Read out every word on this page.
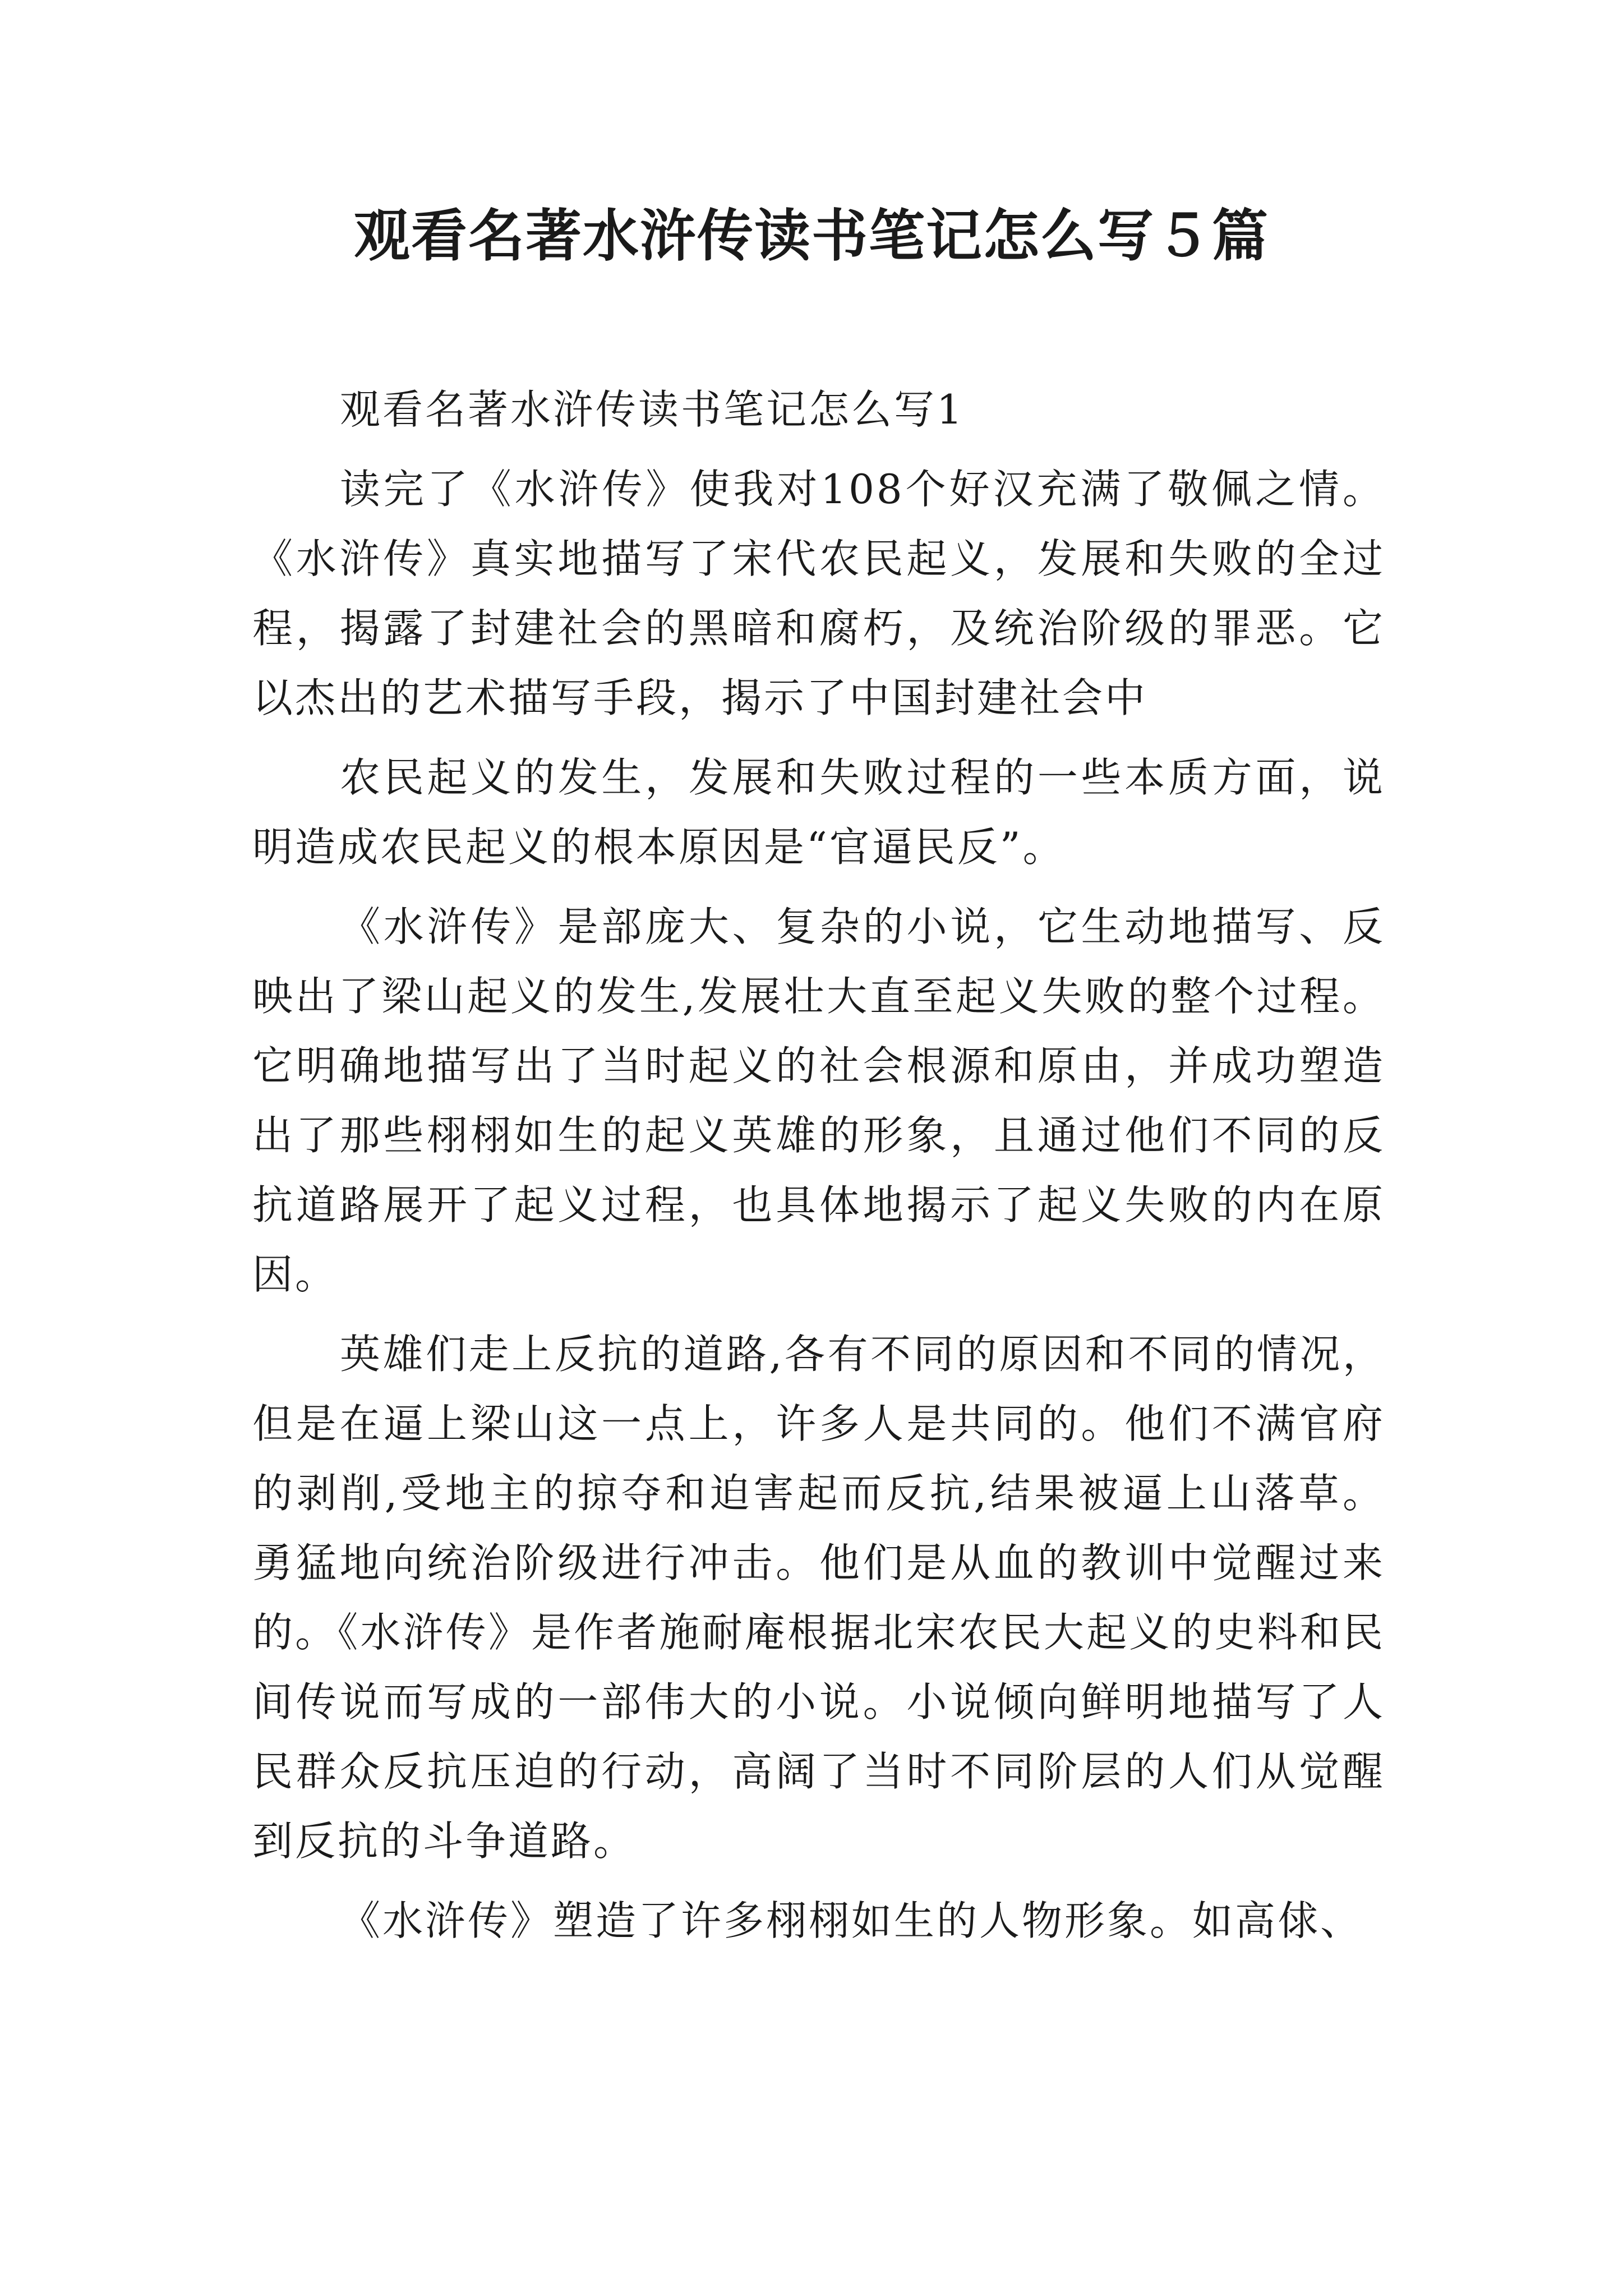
观看名著水浒传读书笔记怎么写５篇

观看名著水浒传读书笔记怎么写1

读完了《水浒传》使我对108个好汉充满了敬佩之情。《水浒传》真实地描写了宋代农民起义，发展和失败的全过程，揭露了封建社会的黑暗和腐朽，及统治阶级的罪恶。它以杰出的艺术描写手段，揭示了中国封建社会中

农民起义的发生，发展和失败过程的一些本质方面，说明造成农民起义的根本原因是“官逼民反”。

《水浒传》是部庞大、复杂的小说，它生动地描写、反映出了梁山起义的发生,发展壮大直至起义失败的整个过程。它明确地描写出了当时起义的社会根源和原由，并成功塑造出了那些栩栩如生的起义英雄的形象，且通过他们不同的反抗道路展开了起义过程，也具体地揭示了起义失败的内在原因。

英雄们走上反抗的道路,各有不同的原因和不同的情况，但是在逼上梁山这一点上，许多人是共同的。他们不满官府的剥削,受地主的掠夺和迫害起而反抗,结果被逼上山落草。勇猛地向统治阶级进行冲击。他们是从血的教训中觉醒过来的。《水浒传》是作者施耐庵根据北宋农民大起义的史料和民间传说而写成的一部伟大的小说。小说倾向鲜明地描写了人民群众反抗压迫的行动，高阔了当时不同阶层的人们从觉醒到反抗的斗争道路。

《水浒传》塑造了许多栩栩如生的人物形象。如高俅、
